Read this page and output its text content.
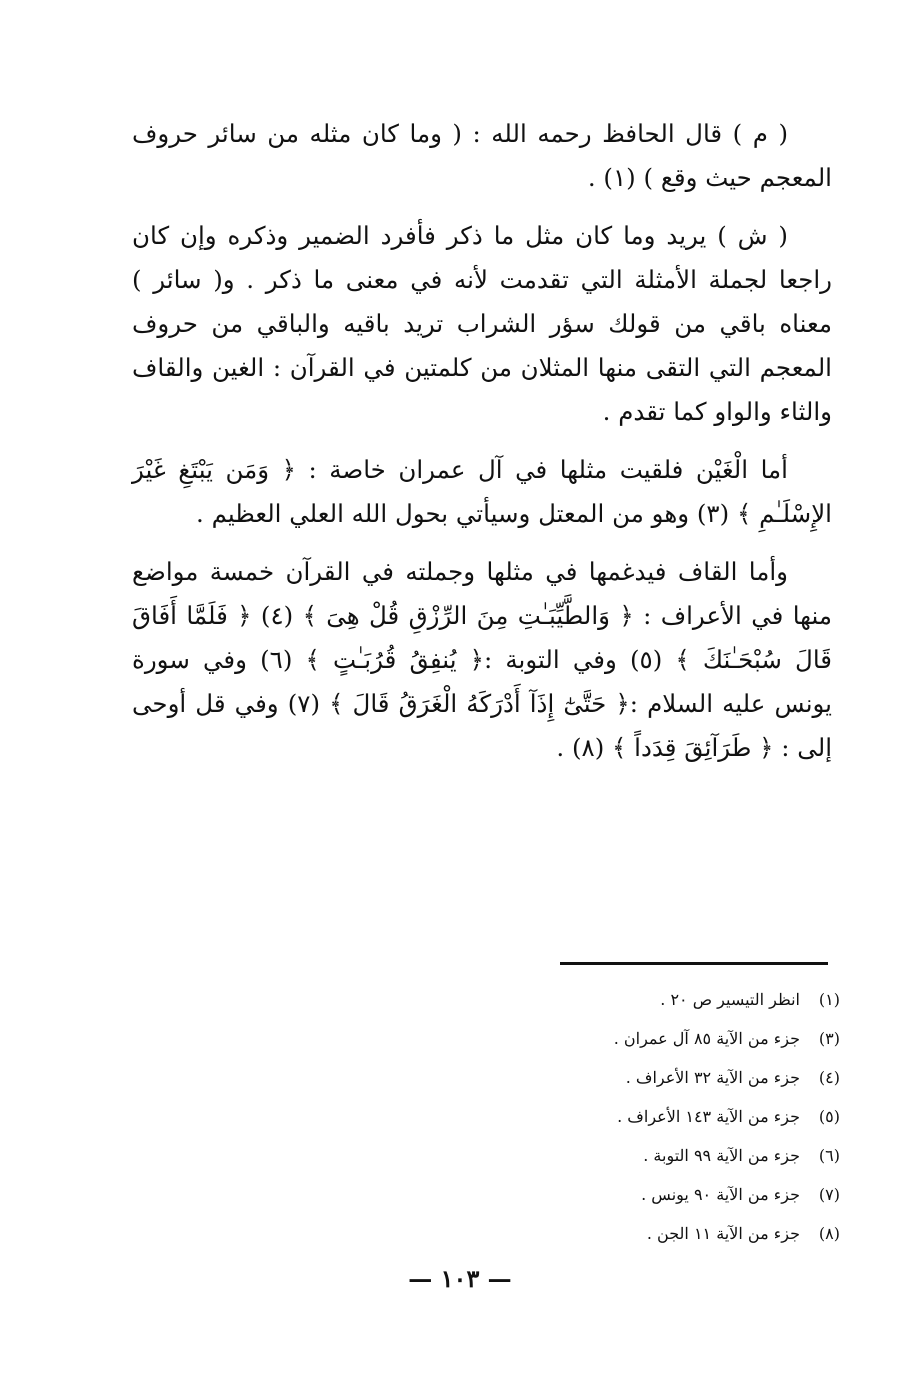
( م ) قال الحافظ رحمه الله : ( وما كان مثله من سائر حروف المعجم حيث وقع ) (١) .

( ش ) يريد وما كان مثل ما ذكر فأفرد الضمير وذكره وإن كان راجعا لجملة الأمثلة التي تقدمت لأنه في معنى ما ذكر . و( سائر ) معناه باقي من قولك سؤر الشراب تريد باقيه والباقي من حروف المعجم التي التقى منها المثلان من كلمتين في القرآن : الغين والقاف والثاء والواو كما تقدم .

أما الْغَيْن فلقيت مثلها في آل عمران خاصة : ﴿ وَمَن يَبْتَغِ غَيْرَ الإِسْلَـٰمِ ﴾ (٣) وهو من المعتل وسيأتي بحول الله العلي العظيم .

وأما القاف فيدغمها في مثلها وجملته في القرآن خمسة مواضع منها في الأعراف : ﴿ وَالطَّيِّبَـٰتِ مِنَ الرِّزْقِ قُلْ هِىَ ﴾ (٤) ﴿ فَلَمَّا أَفَاقَ قَالَ سُبْحَـٰنَكَ ﴾ (٥) وفي التوبة :﴿ يُنفِقُ قُرُبَـٰتٍ ﴾ (٦) وفي سورة يونس عليه السلام :﴿ حَتَّىٰٓ إِذَآ أَدْرَكَهُ الْغَرَقُ قَالَ ﴾ (٧) وفي قل أوحى إلى : ﴿ طَرَآئِقَ قِدَداً ﴾ (٨) .

(١)انظر التيسير ص ٢٠ .
(٣)جزء من الآية ٨٥ آل عمران .
(٤)جزء من الآية ٣٢ الأعراف .
(٥)جزء من الآية ١٤٣ الأعراف .
(٦)جزء من الآية ٩٩ التوبة .
(٧)جزء من الآية ٩٠ يونس .
(٨)جزء من الآية ١١ الجن .
— ١٠٣ —
